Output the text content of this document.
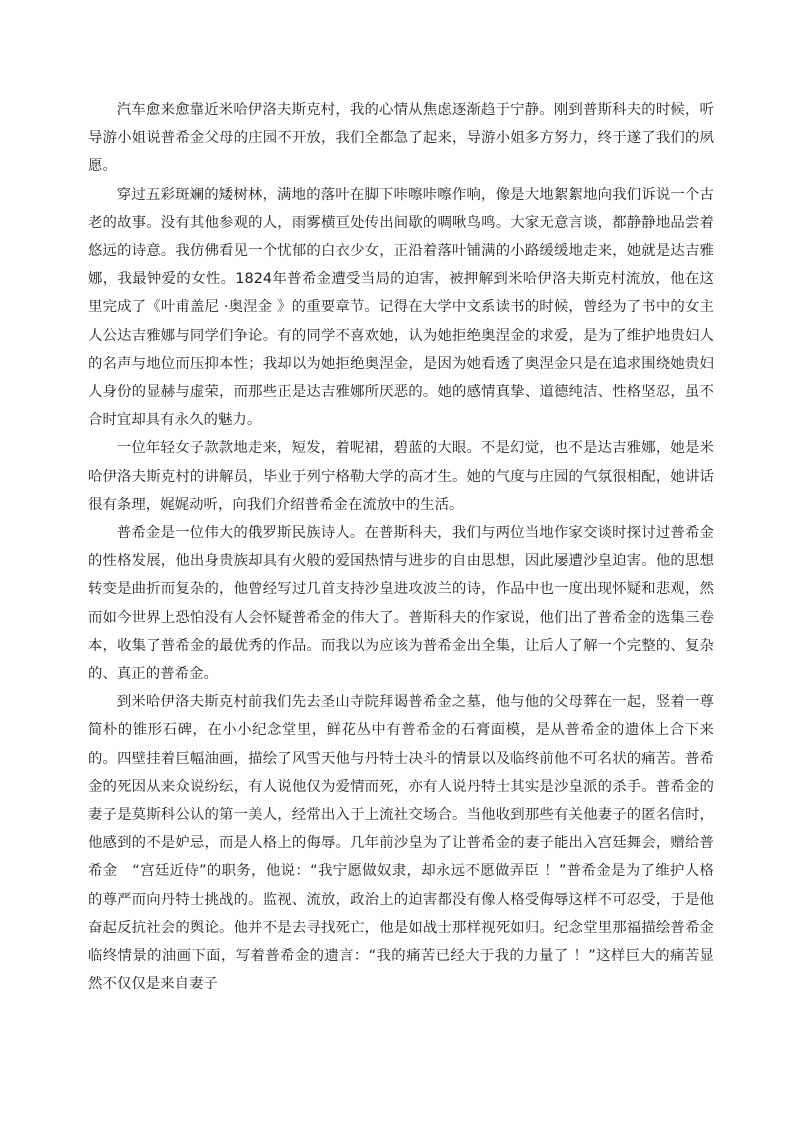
汽车愈来愈靠近米哈伊洛夫斯克村，我的心情从焦虑逐渐趋于宁静。刚到普斯科夫的时候，听导游小姐说普希金父母的庄园不开放，我们全都急了起来，导游小姐多方努力，终于遂了我们的夙愿。

穿过五彩斑斓的矮树林，满地的落叶在脚下咔嚓咔嚓作响，像是大地絮絮地向我们诉说一个古老的故事。没有其他参观的人，雨雾横亘处传出间歇的啁啾鸟鸣。大家无意言谈，都静静地品尝着悠远的诗意。我仿佛看见一个忧郁的白衣少女，正沿着落叶铺满的小路缓缓地走来，她就是达吉雅娜，我最钟爱的女性。1824年普希金遭受当局的迫害，被押解到米哈伊洛夫斯克村流放，他在这里完成了《叶甫盖尼 ·奥涅金 》的重要章节。记得在大学中文系读书的时候，曾经为了书中的女主人公达吉雅娜与同学们争论。有的同学不喜欢她，认为她拒绝奥涅金的求爱，是为了维护地贵妇人的名声与地位而压抑本性；我却以为她拒绝奥涅金，是因为她看透了奥涅金只是在追求围绕她贵妇人身份的显赫与虚荣，而那些正是达吉雅娜所厌恶的。她的感情真挚、道德纯洁、性格坚忍，虽不合时宜却具有永久的魅力。

一位年轻女子款款地走来，短发，着呢裙，碧蓝的大眼。不是幻觉，也不是达吉雅娜，她是米哈伊洛夫斯克村的讲解员，毕业于列宁格勒大学的高才生。她的气度与庄园的气氛很相配，她讲话很有条理，娓娓动听，向我们介绍普希金在流放中的生活。

普希金是一位伟大的俄罗斯民族诗人。在普斯科夫，我们与两位当地作家交谈时探讨过普希金的性格发展，他出身贵族却具有火般的爱国热情与进步的自由思想，因此屡遭沙皇迫害。他的思想转变是曲折而复杂的，他曾经写过几首支持沙皇进攻波兰的诗，作品中也一度出现怀疑和悲观，然而如今世界上恐怕没有人会怀疑普希金的伟大了。普斯科夫的作家说，他们出了普希金的选集三卷本，收集了普希金的最优秀的作品。而我以为应该为普希金出全集，让后人了解一个完整的、复杂的、真正的普希金。

到米哈伊洛夫斯克村前我们先去圣山寺院拜谒普希金之墓，他与他的父母葬在一起，竖着一尊简朴的锥形石碑，在小小纪念堂里，鲜花丛中有普希金的石膏面模，是从普希金的遗体上合下来的。四壁挂着巨幅油画，描绘了风雪天他与丹特士决斗的情景以及临终前他不可名状的痛苦。普希金的死因从来众说纷纭，有人说他仅为爱情而死，亦有人说丹特士其实是沙皇派的杀手。普希金的妻子是莫斯科公认的第一美人，经常出入于上流社交场合。当他收到那些有关他妻子的匿名信时，他感到的不是妒忌，而是人格上的侮辱。几年前沙皇为了让普希金的妻子能出入宫廷舞会，赠给普希金　“宫廷近侍”的职务，他说：“我宁愿做奴隶，却永远不愿做弄臣 ！”普希金是为了维护人格的尊严而向丹特士挑战的。监视、流放，政治上的迫害都没有像人格受侮辱这样不可忍受，于是他奋起反抗社会的舆论。他并不是去寻找死亡，他是如战士那样视死如归。纪念堂里那福描绘普希金临终情景的油画下面，写着普希金的遗言：“我的痛苦已经大于我的力量了 ！”这样巨大的痛苦显然不仅仅是来自妻子
